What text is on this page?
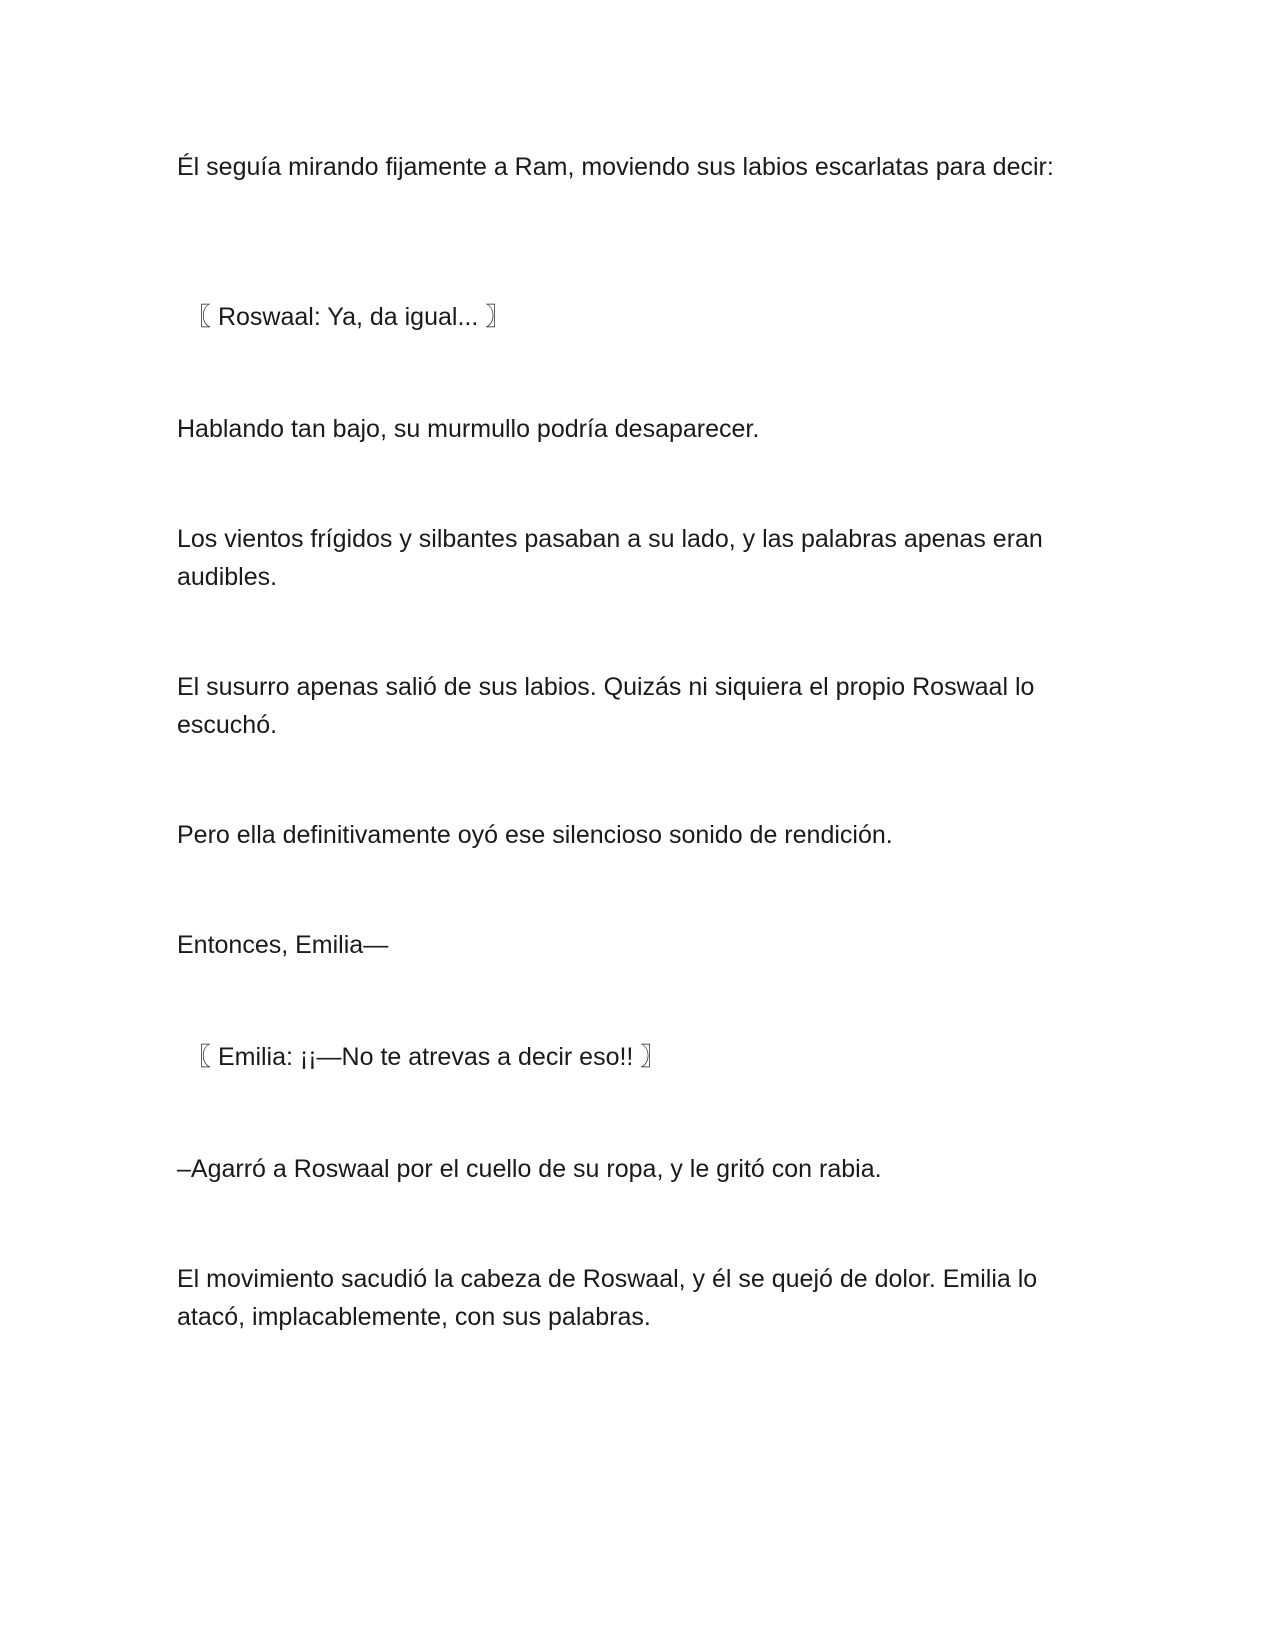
Él seguía mirando fijamente a Ram, moviendo sus labios escarlatas para decir:

〖 Roswaal: Ya, da igual... 〗

Hablando tan bajo, su murmullo podría desaparecer.

Los vientos frígidos y silbantes pasaban a su lado, y las palabras apenas eran audibles.

El susurro apenas salió de sus labios. Quizás ni siquiera el propio Roswaal lo escuchó.

Pero ella definitivamente oyó ese silencioso sonido de rendición.

Entonces, Emilia—

〖 Emilia: ¡¡—No te atrevas a decir eso!! 〗

–Agarró a Roswaal por el cuello de su ropa, y le gritó con rabia.

El movimiento sacudió la cabeza de Roswaal, y él se quejó de dolor. Emilia lo atacó, implacablemente, con sus palabras.
